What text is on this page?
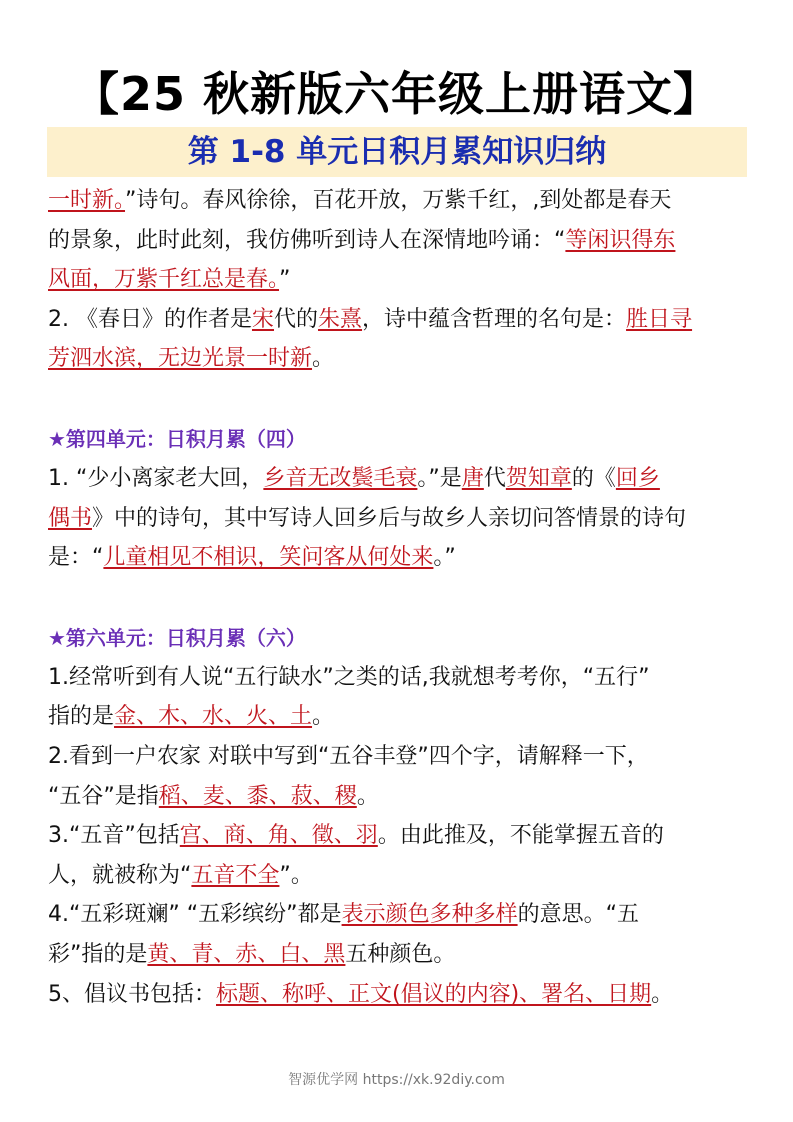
【25 秋新版六年级上册语文】
第 1-8 单元日积月累知识归纳
一时新。”诗句。春风徐徐，百花开放，万紫千红，,到处都是春天
的景象，此时此刻，我仿佛听到诗人在深情地吟诵：“等闲识得东
风面，万紫千红总是春。”
2. 《春日》的作者是宋代的朱熹，诗中蕴含哲理的名句是：胜日寻
芳泗水滨，无边光景一时新。
★第四单元：日积月累（四）
1. “少小离家老大回，乡音无改鬓毛衰。”是唐代贺知章的《回乡
偶书》中的诗句，其中写诗人回乡后与故乡人亲切问答情景的诗句
是：“儿童相见不相识，笑问客从何处来。”
★第六单元：日积月累（六）
1.经常听到有人说“五行缺水”之类的话,我就想考考你，“五行”
指的是金、木、水、火、土。
2.看到一户农家 对联中写到“五谷丰登”四个字，请解释一下，
“五谷”是指稻、麦、黍、菽、稷。
3.“五音”包括宫、商、角、徵、羽。由此推及，不能掌握五音的
人，就被称为“五音不全”。
4.“五彩斑斓” “五彩缤纷”都是表示颜色多种多样的意思。“五
彩”指的是黄、青、赤、白、黑五种颜色。
5、倡议书包括：标题、称呼、正文(倡议的内容)、署名、日期。
智源优学网 https://xk.92diy.com
